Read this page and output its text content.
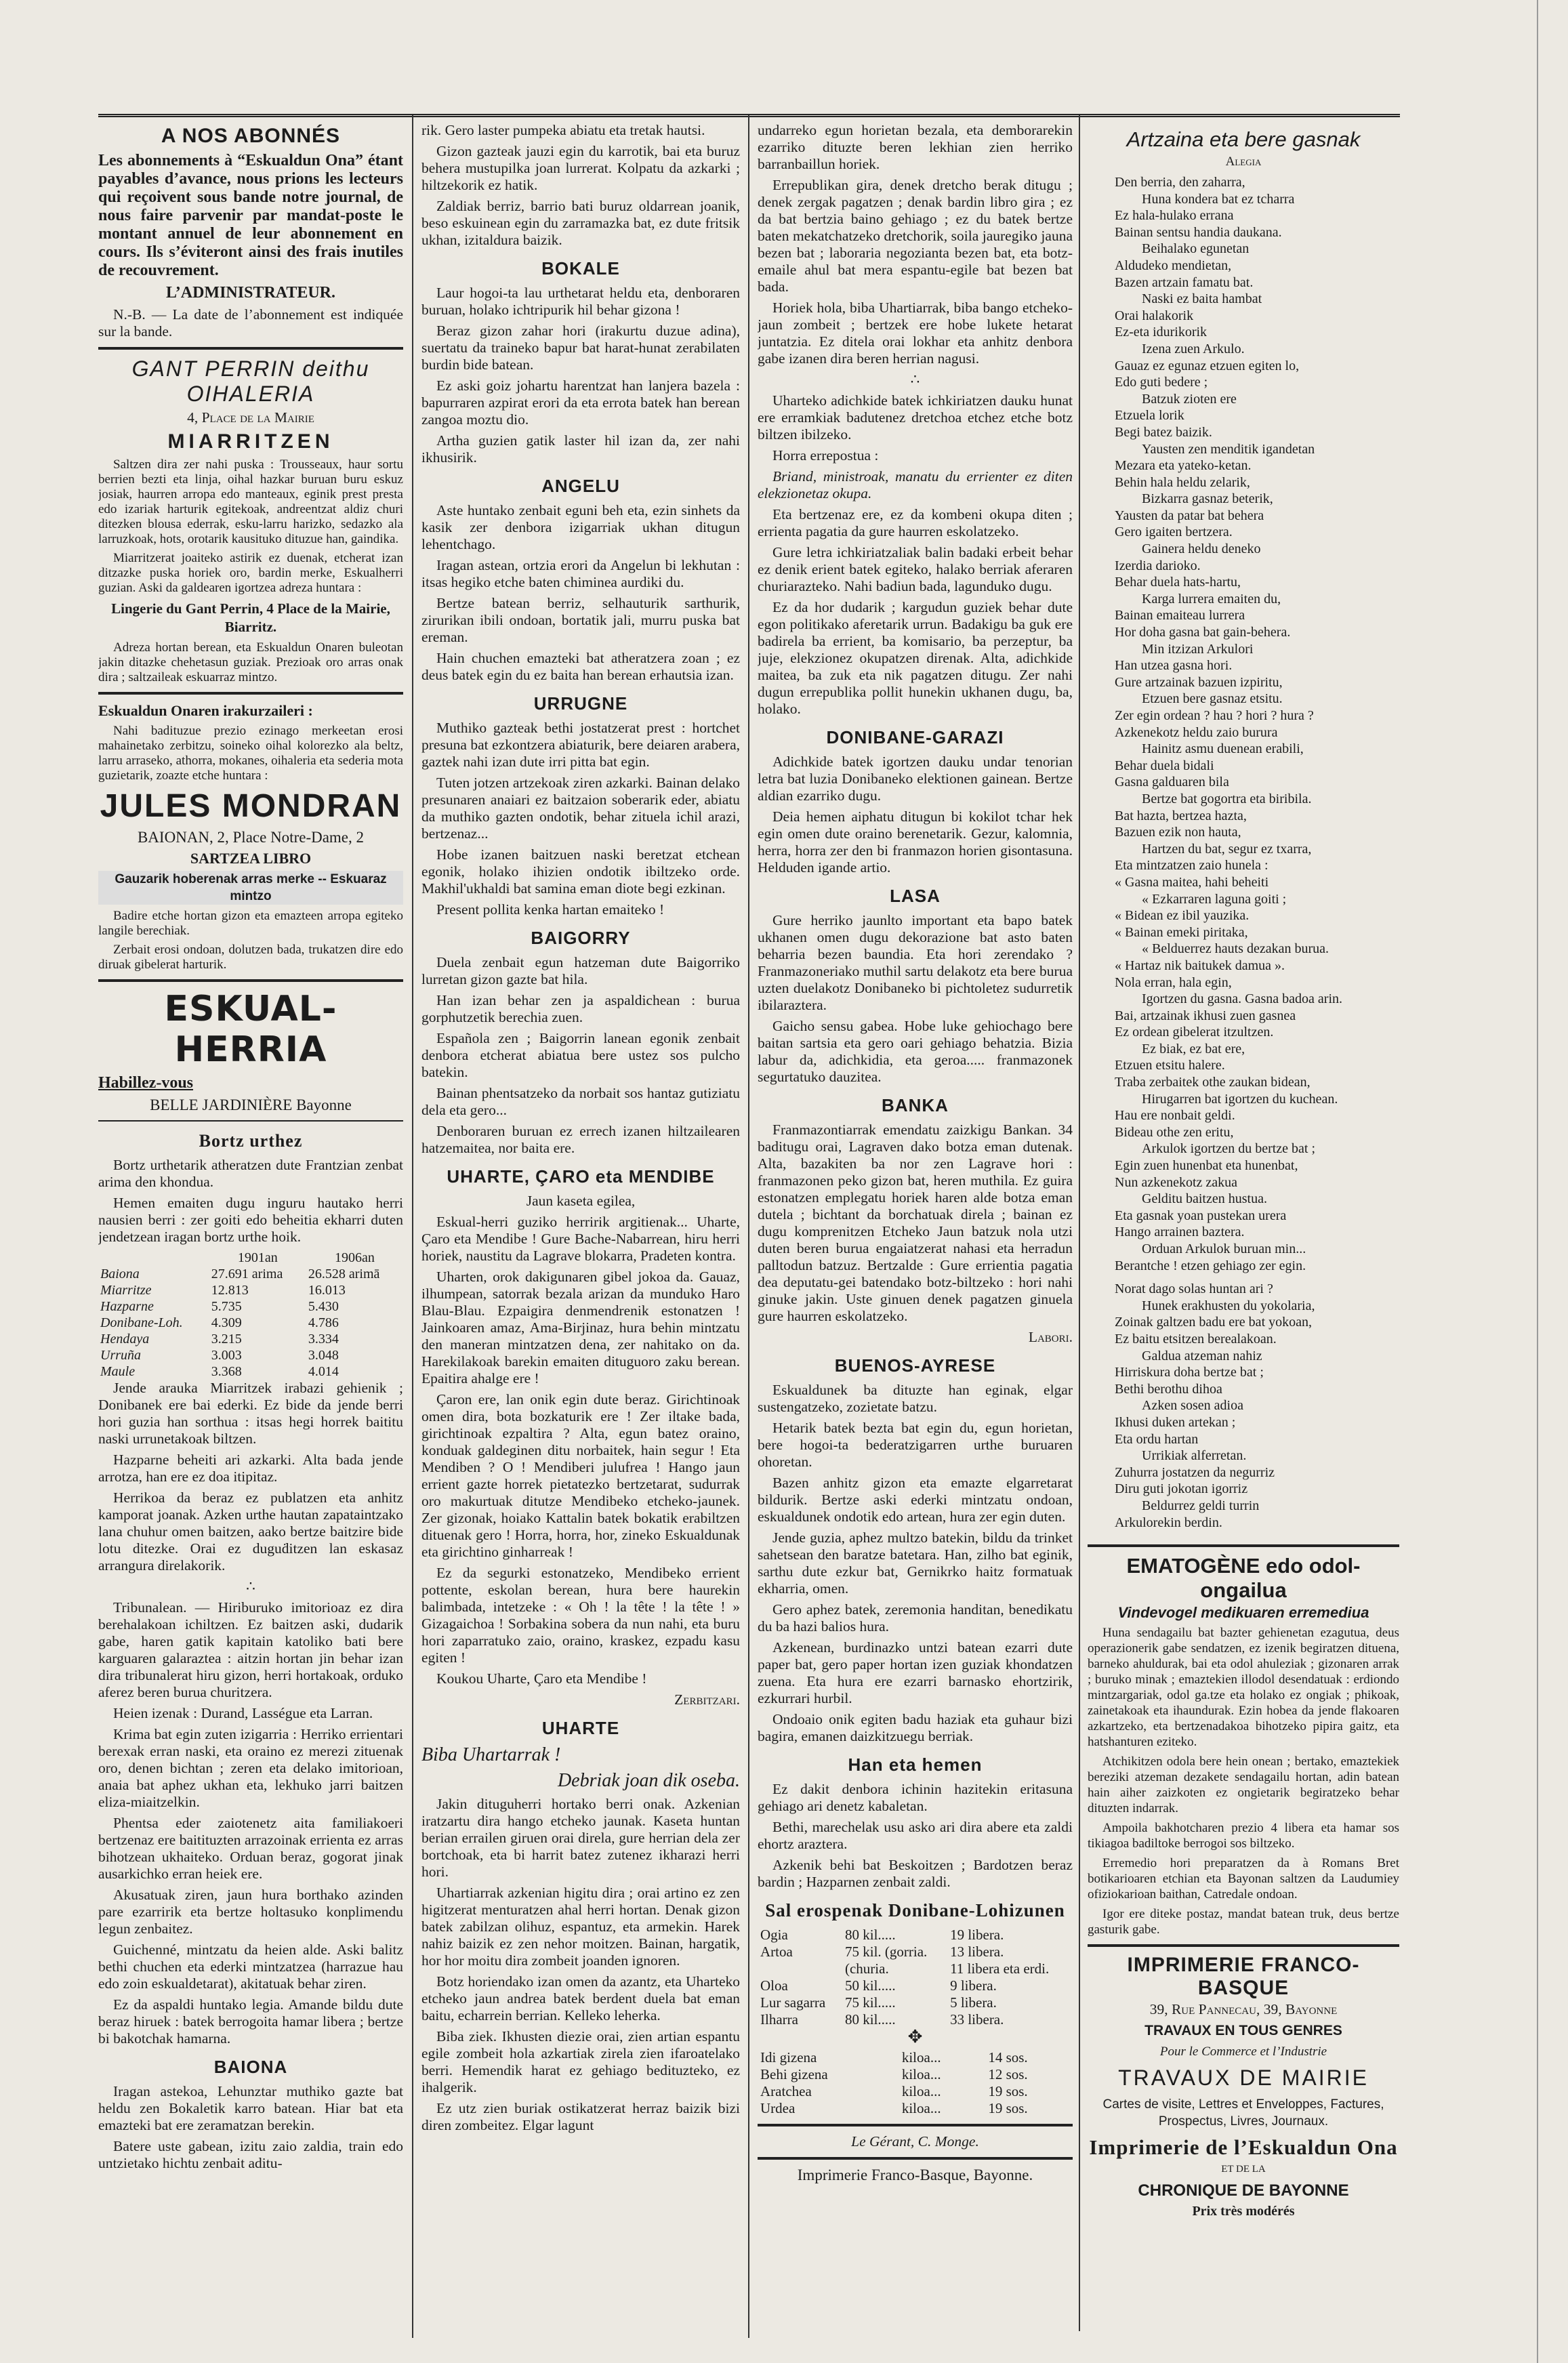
A NOS ABONNÉS

Les abonnements à “Eskualdun Ona” étant payables d’avance, nous prions les lecteurs qui reçoivent sous bande notre journal, de nous faire parvenir par mandat-poste le montant annuel de leur abonnement en cours. Ils s’éviteront ainsi des frais inutiles de recouvrement.

L’ADMINISTRATEUR.

N.-B. — La date de l’abonnement est indiquée sur la bande.

GANT PERRIN deithu OIHALERIA

4, Place de la Mairie

MIARRITZEN

Saltzen dira zer nahi puska : Trousseaux, haur sortu berrien bezti eta linja, oihal hazkar buruan buru eskuz josiak, haurren arropa edo manteaux, eginik prest presta edo izariak harturik egitekoak, andreentzat aldiz churi ditezken blousa ederrak, esku-larru harizko, sedazko ala larruzkoak, hots, orotarik kausituko dituzue han, gaindika.

Miarritzerat joaiteko astirik ez duenak, etcherat izan ditzazke puska horiek oro, bardin merke, Eskualherri guzian. Aski da galdearen igortzea adreza huntara :

Lingerie du Gant Perrin, 4 Place de la Mairie, Biarritz.

Adreza hortan berean, eta Eskualdun Onaren buleotan jakin ditazke chehetasun guziak. Prezioak oro arras onak dira ; saltzaileak eskuarraz mintzo.

Eskualdun Onaren irakurzaileri :

Nahi badituzue prezio ezinago merkeetan erosi mahainetako zerbitzu, soineko oihal kolorezko ala beltz, larru arraseko, athorra, mokanes, oihaleria eta sederia mota guzietarik, zoazte etche huntara :

JULES MONDRAN

BAIONAN, 2, Place Notre-Dame, 2

SARTZEA LIBRO

Gauzarik hoberenak arras merke -- Eskuaraz mintzo

Badire etche hortan gizon eta emazteen arropa egiteko langile berechiak.

Zerbait erosi ondoan, dolutzen bada, trukatzen dire edo diruak gibelerat harturik.

ESKUAL-HERRIA

Habillez-vous

BELLE JARDINIÈRE Bayonne

Bortz urthez

Bortz urthetarik atheratzen dute Frantzian zenbat arima den khondua.

Hemen emaiten dugu inguru hautako herri nausien berri : zer goiti edo beheitia ekharri duten jendetzean iragan bortz urthe hoik.

	1901an	1906an
Baiona	27.691 arima	26.528 arimā
Miarritze	12.813	16.013
Hazparne	5.735	5.430
Donibane-Loh.	4.309	4.786
Hendaya	3.215	3.334
Urruña	3.003	3.048
Maule	3.368	4.014

Jende arauka Miarritzek irabazi gehienik ; Donibanek ere bai ederki. Ez bide da jende berri hori guzia han sorthua : itsas hegi horrek baititu naski urrunetakoak biltzen.

Hazparne beheiti ari azkarki. Alta bada jende arrotza, han ere ez doa itipitaz.

Herrikoa da beraz ez publatzen eta anhitz kamporat joanak. Azken urthe hautan zapataintzako lana chuhur omen baitzen, aako bertze baitzire bide lotu ditezke. Orai ez duguḋitzen lan eskasaz arrangura direlakorik.

∴

Tribunalean. — Hiriburuko imitorioaz ez dira berehalakoan ichiltzen. Ez baitzen aski, dudarik gabe, haren gatik kapitain katoliko bati bere karguaren galaraztea : aitzin hortan jin behar izan dira tribunalerat hiru gizon, herri hortakoak, orduko aferez beren burua churitzera.

Heien izenak : Durand, Lasségue eta Larran.

Krima bat egin zuten izigarria : Herriko errientari berexak erran naski, eta oraino ez merezi zituenak oro, denen bichtan ; zeren eta delako imitorioan, anaia bat aphez ukhan eta, lekhuko jarri baitzen eliza-miaitzelkin.

Phentsa eder zaiotenetz aita familiakoeri bertzenaz ere baitituzten arrazoinak errienta ez arras bihotzean ukhaiteko. Orduan beraz, gogorat jinak ausarkichko erran heiek ere.

Akusatuak ziren, jaun hura borthako azinden pare ezarririk eta bertze holtasuko konplimendu legun zenbaitez.

Guichenné, mintzatu da heien alde. Aski balitz bethi chuchen eta ederki mintzatzea (harrazue hau edo zoin eskualdetarat), akitatuak behar ziren.

Ez da aspaldi huntako legia. Amande bildu dute beraz hiruek : batek berrogoita hamar libera ; bertze bi bakotchak hamarna.

BAIONA

Iragan astekoa, Lehunztar muthiko gazte bat heldu zen Bokaletik karro batean. Hiar bat eta emazteki bat ere zeramatzan berekin.

Batere uste gabean, izitu zaio zaldia, train edo untzietako hichtu zenbait aditu-

rik. Gero laster pumpeka abiatu eta tretak hautsi.

Gizon gazteak jauzi egin du karrotik, bai eta buruz behera mustupilka joan lurrerat. Kolpatu da azkarki ; hiltzekorik ez hatik.

Zaldiak berriz, barrio bati buruz oldarrean joanik, beso eskuinean egin du zarramazka bat, ez dute fritsik ukhan, izitaldura baizik.

BOKALE

Laur hogoi-ta lau urthetarat heldu eta, denboraren buruan, holako ichtripurik hil behar gizona !

Beraz gizon zahar hori (irakurtu duzue adina), suertatu da traineko bapur bat harat-hunat zerabilaten burdin bide batean.

Ez aski goiz johartu harentzat han lanjera bazela : bapurraren azpirat erori da eta errota batek han berean zangoa moztu dio.

Artha guzien gatik laster hil izan da, zer nahi ikhusirik.

ANGELU

Aste huntako zenbait eguni beh eta, ezin sinhets da kasik zer denbora izigarriak ukhan ditugun lehentchago.

Iragan astean, ortzia erori da Angelun bi lekhutan : itsas hegiko etche baten chiminea aurdiki du.

Bertze batean berriz, selhauturik sarthurik, zirurikan ibili ondoan, bortatik jali, murru puska bat ereman.

Hain chuchen emazteki bat atheratzera zoan ; ez deus batek egin du ez baita han berean erhautsia izan.

URRUGNE

Muthiko gazteak bethi jostatzerat prest : hortchet presuna bat ezkontzera abiaturik, bere deiaren arabera, gaztek nahi izan dute irri pitta bat egin.

Tuten jotzen artzekoak ziren azkarki. Bainan delako presunaren anaiari ez baitzaion soberarik eder, abiatu da muthiko gazten ondotik, behar zituela ichil arazi, bertzenaz...

Hobe izanen baitzuen naski beretzat etchean egonik, holako ihizien ondotik ibiltzeko orde. Makhil'ukhaldi bat samina eman diote begi ezkinan.

Present pollita kenka hartan emaiteko !

BAIGORRY

Duela zenbait egun hatzeman dute Baigorriko lurretan gizon gazte bat hila.

Han izan behar zen ja aspaldichean : burua gorphutzetik berechia zuen.

Española zen ; Baigorrin lanean egonik zenbait denbora etcherat abiatua bere ustez sos pulcho batekin.

Bainan phentsatzeko da norbait sos hantaz gutiziatu dela eta gero...

Denboraren buruan ez errech izanen hiltzailearen hatzemaitea, nor baita ere.

UHARTE, ÇARO eta MENDIBE

Jaun kaseta egilea,

Eskual-herri guziko herririk argitienak... Uharte, Çaro eta Mendibe ! Gure Bache-Nabarrean, hiru herri horiek, naustitu da Lagrave blokarra, Pradeten kontra.

Uharten, orok dakigunaren gibel jokoa da. Gauaz, ilhumpean, satorrak bezala arizan da munduko Haro Blau-Blau. Ezpaigira denmendrenik estonatzen ! Jainkoaren amaz, Ama-Birjinaz, hura behin mintzatu den maneran mintzatzen dena, zer nahitako on da. Harekilakoak barekin emaiten dituguoro zaku berean. Epaitira ahalge ere !

Çaron ere, lan onik egin dute beraz. Girichtinoak omen dira, bota bozkaturik ere ! Zer iltake bada, girichtinoak ezpaltira ? Alta, egun batez oraino, konduak galdeginen ditu norbaitek, hain segur ! Eta Mendiben ? O ! Mendiberi julufrea ! Hango jaun errient gazte horrek pietatezko bertzetarat, sudurrak oro makurtuak ditutze Mendibeko etcheko-jaunek. Zer gizonak, hoiako Kattalin batek bokatik erabiltzen dituenak gero ! Horra, horra, hor, zineko Eskualdunak eta girichtino ginharreak !

Ez da segurki estonatzeko, Mendibeko errient pottente, eskolan berean, hura bere haurekin balimbada, intetzeke : « Oh ! la tête ! la tête ! » Gizagaichoa ! Sorbakina sobera da nun nahi, eta buru hori zaparratuko zaio, oraino, kraskez, ezpadu kasu egiten !

Koukou Uharte, Çaro eta Mendibe !

Zerbitzari.

UHARTE

Biba Uhartarrak !

Debriak joan dik oseba.

Jakin dituguherri hortako berri onak. Azkenian iratzartu dira hango etcheko jaunak. Kaseta huntan berian errailen giruen orai direla, gure herrian dela zer bortchoak, eta bi harrit batez zutenez ikharazi herri hori.

Uhartiarrak azkenian higitu dira ; orai artino ez zen higitzerat menturatzen ahal herri hortan. Denak gizon batek zabilzan olihuz, espantuz, eta armekin. Harek nahiz baizik ez zen nehor moitzen. Bainan, hargatik, hor hor moitu dira zombeit joanden ignoren.

Botz horiendako izan omen da azantz, eta Uharteko etcheko jaun andrea batek berdent duela bat eman baitu, echarrein berrian. Kelleko leherka.

Biba ziek. Ikhusten diezie orai, zien artian espantu egile zombeit hola azkartiak zirela zien ifaroatelako berri. Hemendik harat ez gehiago bedituzteko, ez ihalgerik.

Ez utz zien buriak ostikatzerat herraz baizik bizi diren zombeitez. Elgar lagunt

undarreko egun horietan bezala, eta demborarekin ezarriko dituzte beren lekhian zien herriko barranbaillun horiek.

Errepublikan gira, denek dretcho berak ditugu ; denek zergak pagatzen ; denak bardin libro gira ; ez da bat bertzia baino gehiago ; ez du batek bertze baten mekatchatzeko dretchorik, soila jauregiko jauna bezen bat ; laboraria negozianta bezen bat, eta botz-emaile ahul bat mera espantu-egile bat bezen bat bada.

Horiek hola, biba Uhartiarrak, biba bango etcheko-jaun zombeit ; bertzek ere hobe lukete hetarat juntatzia. Ez ditela orai lokhar eta anhitz denbora gabe izanen dira beren herrian nagusi.

∴

Uharteko adichkide batek ichkiriatzen dauku hunat ere erramkiak badutenez dretchoa etchez etche botz biltzen ibilzeko.

Horra errepostua :

Briand, ministroak, manatu du errienter ez diten elekzionetaz okupa.

Eta bertzenaz ere, ez da kombeni okupa diten ; errienta pagatia da gure haurren eskolatzeko.

Gure letra ichkiriatzaliak balin badaki erbeit behar ez denik erient batek egiteko, halako berriak aferaren churiarazteko. Nahi badiun bada, lagunduko dugu.

Ez da hor dudarik ; kargudun guziek behar dute egon politikako aferetarik urrun. Badakigu ba guk ere badirela ba errient, ba komisario, ba perzeptur, ba juje, elekzionez okupatzen direnak. Alta, adichkide maitea, ba zuk eta nik pagatzen ditugu. Zer nahi dugun errepublika pollit hunekin ukhanen dugu, ba, holako.

DONIBANE-GARAZI

Adichkide batek igortzen dauku undar tenorian letra bat luzia Donibaneko elektionen gainean. Bertze aldian ezarriko dugu.

Deia hemen aiphatu ditugun bi kokilot tchar hek egin omen dute oraino berenetarik. Gezur, kalomnia, herra, horra zer den bi franmazon horien gisontasuna. Helduden igande artio.

LASA

Gure herriko jaunlto important eta bapo batek ukhanen omen dugu dekorazione bat asto baten beharria bezen baundia. Eta hori zerendako ? Franmazoneriako muthil sartu delakotz eta bere burua uzten duelakotz Donibaneko bi pichtoletez sudurretik ibilaraztera.

Gaicho sensu gabea. Hobe luke gehiochago bere baitan sartsia eta gero oari gehiago behatzia. Bizia labur da, adichkidia, eta geroa..... franmazonek segurtatuko dauzitea.

BANKA

Franmazontiarrak emendatu zaizkigu Bankan. 34 baditugu orai, Lagraven dako botza eman dutenak. Alta, bazakiten ba nor zen Lagrave hori : franmazonen peko gizon bat, heren muthila. Ez guira estonatzen emplegatu horiek haren alde botza eman dutela ; bichtant da borchatuak direla ; bainan ez dugu komprenitzen Etcheko Jaun batzuk nola utzi duten beren burua engaiatzerat nahasi eta herradun palltodun batzuz. Bertzalde : Gure errientia pagatia dea deputatu-gei batendako botz-biltzeko : hori nahi ginuke jakin. Uste ginuen denek pagatzen ginuela gure haurren eskolatzeko.

Labori.

BUENOS-AYRESE

Eskualdunek ba dituzte han eginak, elgar sustengatzeko, zozietate batzu.

Hetarik batek bezta bat egin du, egun horietan, bere hogoi-ta bederatzigarren urthe buruaren ohoretan.

Bazen anhitz gizon eta emazte elgarretarat bildurik. Bertze aski ederki mintzatu ondoan, eskualdunek ondotik edo artean, hura zer egin duten.

Jende guzia, aphez multzo batekin, bildu da trinket sahetsean den baratze batetara. Han, zilho bat eginik, sarthu dute ezkur bat, Gernikrko haitz formatuak ekharria, omen.

Gero aphez batek, zeremonia handitan, benedikatu du ba hazi balios hura.

Azkenean, burdinazko untzi batean ezarri dute paper bat, gero paper hortan izen guziak khondatzen zuena. Eta hura ere ezarri barnasko ehortzirik, ezkurrari hurbil.

Ondoaio onik egiten badu haziak eta guhaur bizi bagira, emanen daizkitzuegu berriak.

Han eta hemen

Ez dakit denbora ichinin hazitekin eritasuna gehiago ari denetz kabaletan.

Bethi, marechelak usu asko ari dira abere eta zaldi ehortz araztera.

Azkenik behi bat Beskoitzen ; Bardotzen beraz bardin ; Hazparnen zenbait zaldi.

Sal erospenak Donibane-Lohizunen
Ogia	80 kil.....	19 libera.
Artoa	75 kil. (gorria.	13 libera.
	(churia.	11 libera eta erdi.
Oloa	50 kil.....	9 libera.
Lur sagarra	75 kil.....	5 libera.
Ilharra	80 kil.....	33 libera.

✥

Idi gizena	kiloa...	14 sos.
Behi gizena	kiloa...	12 sos.
Aratchea	kiloa...	19 sos.
Urdea	kiloa...	19 sos.

Le Gérant, C. Monge.

Imprimerie Franco-Basque, Bayonne.

Artzaina eta bere gasnak

Alegia

Den berria, den zaharra,

Huna kondera bat ez tcharra

Ez hala-hulako errana

Bainan sentsu handia daukana.

Beihalako egunetan

Aldudeko mendietan,

Bazen artzain famatu bat.

Naski ez baita hambat

Orai halakorik

Ez-eta idurikorik

Izena zuen Arkulo.

Gauaz ez egunaz etzuen egiten lo,

Edo guti bedere ;

Batzuk zioten ere

Etzuela lorik

Begi batez baizik.

Yausten zen menditik igandetan

Mezara eta yateko-ketan.

Behin hala heldu zelarik,

Bizkarra gasnaz beterik,

Yausten da patar bat behera

Gero igaiten bertzera.

Gainera heldu deneko

Izerdia darioko.

Behar duela hats-hartu,

Karga lurrera emaiten du,

Bainan emaiteau lurrera

Hor doha gasna bat gain-behera.

Min itzizan Arkulori

Han utzea gasna hori.

Gure artzainak bazuen izpiritu,

Etzuen bere gasnaz etsitu.

Zer egin ordean ? hau ? hori ? hura ?

Azkenekotz heldu zaio burura

Hainitz asmu duenean erabili,

Behar duela bidali

Gasna galduaren bila

Bertze bat gogortra eta biribila.

Bat hazta, bertzea hazta,

Bazuen ezik non hauta,

Hartzen du bat, segur ez txarra,

Eta mintzatzen zaio hunela :

« Gasna maitea, hahi beheiti

« Ezkarraren laguna goiti ;

« Bidean ez ibil yauzika.

« Bainan emeki piritaka,

« Belduerrez hauts dezakan burua.

« Hartaz nik baitukek damua ».

Nola erran, hala egin,

Igortzen du gasna. Gasna badoa arin.

Bai, artzainak ikhusi zuen gasnea

Ez ordean gibelerat itzultzen.

Ez biak, ez bat ere,

Etzuen etsitu halere.

Traba zerbaitek othe zaukan bidean,

Hirugarren bat igortzen du kuchean.

Hau ere nonbait geldi.

Bideau othe zen eritu,

Arkulok igortzen du bertze bat ;

Egin zuen hunenbat eta hunenbat,

Nun azkenekotz zakua

Gelditu baitzen hustua.

Eta gasnak yoan pustekan urera

Hango arrainen baztera.

Orduan Arkulok buruan min...

Berantche ! etzen gehiago zer egin.

Norat dago solas huntan ari ?

Hunek erakhusten du yokolaria,

Zoinak galtzen badu ere bat yokoan,

Ez baitu etsitzen berealakoan.

Galdua atzeman nahiz

Hirriskura doha bertze bat ;

Bethi berothu dihoa

Azken sosen adioa

Ikhusi duken artekan ;

Eta ordu hartan

Urrikiak alferretan.

Zuhurra jostatzen da negurriz

Diru guti jokotan igorriz

Beldurrez geldi turrin

Arkulorekin berdin.

EMATOGÈNE edo odol-ongailua

Vindevogel medikuaren erremediua

Huna sendagailu bat bazter gehienetan ezagutua, deus operazionerik gabe sendatzen, ez izenik begiratzen dituena, barneko ahuldurak, bai eta odol ahuleziak ; gizonaren arrak ; buruko minak ; emaztekien illodol desendatuak : erdiondo mintzargariak, odol ga.tze eta holako ez ongiak ; phikoak, zainetakoak eta ihaundurak. Ezin hobea da jende flakoaren azkartzeko, eta bertzenadakoa bihotzeko pipira gaitz, eta hatshanturen eziteko.

Atchikitzen odola bere hein onean ; bertako, emaztekiek bereziki atzeman dezakete sendagailu hortan, adin batean hain aiher zaizkoten ez ongietarik begiratzeko behar dituzten indarrak.

Ampoila bakhotcharen prezio 4 libera eta hamar sos tikiagoa badiltoke berrogoi sos biltzeko.

Erremedio hori preparatzen da à Romans Bret botikarioaren etchian eta Bayonan saltzen da Laudumiey ofiziokarioan baithan, Catredale ondoan.

Igor ere diteke postaz, mandat batean truk, deus bertze gasturik gabe.

IMPRIMERIE FRANCO-BASQUE

39, Rue Pannecau, 39, Bayonne

TRAVAUX EN TOUS GENRES

Pour le Commerce et l’Industrie

TRAVAUX DE MAIRIE

Cartes de visite, Lettres et Enveloppes, Factures, Prospectus, Livres, Journaux.

Imprimerie de l’Eskualdun Ona

ET DE LA

CHRONIQUE DE BAYONNE

Prix très modérés
